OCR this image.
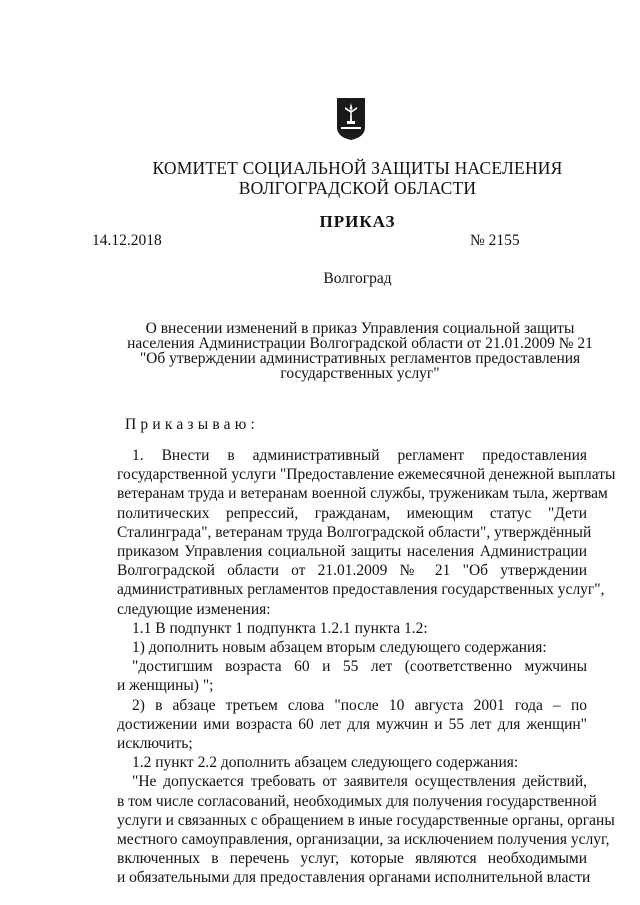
КОМИТЕТ СОЦИАЛЬНОЙ ЗАЩИТЫ НАСЕЛЕНИЯ
ВОЛГОГРАДСКОЙ ОБЛАСТИ
ПРИКАЗ
14.12.2018	№ 2155
Волгоград
О внесении изменений в приказ Управления социальной защиты
населения Администрации Волгоградской области от 21.01.2009 № 21
"Об утверждении административных регламентов предоставления
государственных услуг"
Приказываю:
1. Внести в административный регламент предоставления
государственной услуги "Предоставление ежемесячной денежной выплаты
ветеранам труда и ветеранам военной службы, труженикам тыла, жертвам
политических репрессий, гражданам, имеющим статус "Дети
Сталинграда", ветеранам труда Волгоградской области", утверждённый
приказом Управления социальной защиты населения Администрации
Волгоградской области от 21.01.2009 № 21 "Об утверждении
административных регламентов предоставления государственных услуг",
следующие изменения:
1.1 В подпункт 1 подпункта 1.2.1 пункта 1.2:
1) дополнить новым абзацем вторым следующего содержания:
"достигшим возраста 60 и 55 лет (соответственно мужчины
и женщины) ";
2) в абзаце третьем слова "после 10 августа 2001 года – по
достижении ими возраста 60 лет для мужчин и 55 лет для женщин"
исключить;
1.2 пункт 2.2 дополнить абзацем следующего содержания:
"Не допускается требовать от заявителя осуществления действий,
в том числе согласований, необходимых для получения государственной
услуги и связанных с обращением в иные государственные органы, органы
местного самоуправления, организации, за исключением получения услуг,
включенных в перечень услуг, которые являются необходимыми
и обязательными для предоставления органами исполнительной власти
